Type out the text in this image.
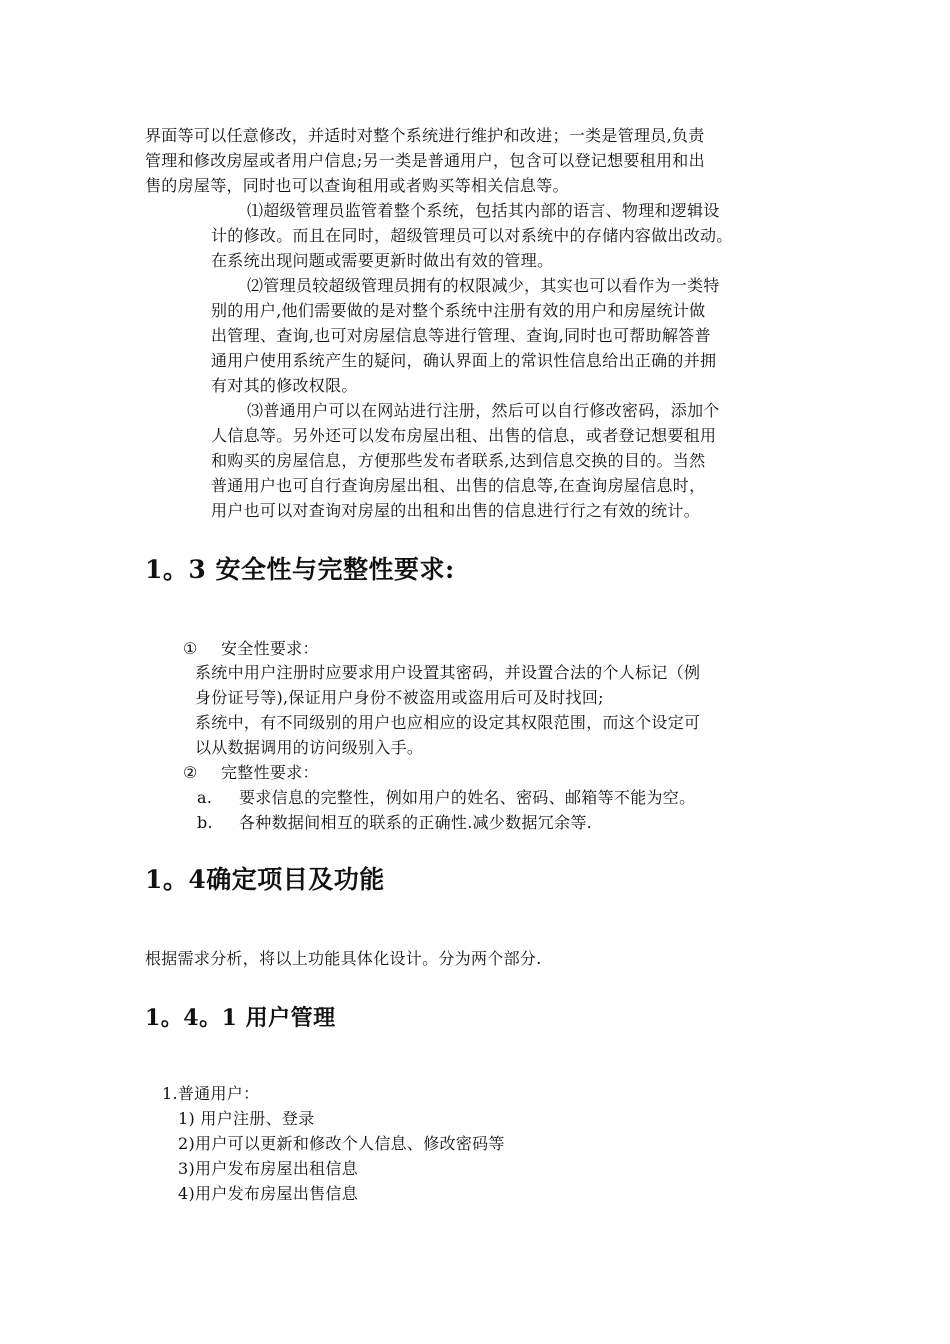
界面等可以任意修改，并适时对整个系统进行维护和改进；一类是管理员,负责
管理和修改房屋或者用户信息;另一类是普通用户，包含可以登记想要租用和出
售的房屋等，同时也可以查询租用或者购买等相关信息等。
⑴超级管理员监管着整个系统，包括其内部的语言、物理和逻辑设
计的修改。而且在同时，超级管理员可以对系统中的存储内容做出改动。
在系统出现问题或需要更新时做出有效的管理。
⑵管理员较超级管理员拥有的权限减少，其实也可以看作为一类特
别的用户,他们需要做的是对整个系统中注册有效的用户和房屋统计做
出管理、查询,也可对房屋信息等进行管理、查询,同时也可帮助解答普
通用户使用系统产生的疑问，确认界面上的常识性信息给出正确的并拥
有对其的修改权限。
⑶普通用户可以在网站进行注册，然后可以自行修改密码，添加个
人信息等。另外还可以发布房屋出租、出售的信息，或者登记想要租用
和购买的房屋信息，方便那些发布者联系,达到信息交换的目的。当然
普通用户也可自行查询房屋出租、出售的信息等,在查询房屋信息时，
用户也可以对查询对房屋的出租和出售的信息进行行之有效的统计。
1。3 安全性与完整性要求:
① 安全性要求：
系统中用户注册时应要求用户设置其密码，并设置合法的个人标记（例
身份证号等),保证用户身份不被盗用或盗用后可及时找回;
系统中，有不同级别的用户也应相应的设定其权限范围，而这个设定可
以从数据调用的访问级别入手。
② 完整性要求：
a. 要求信息的完整性，例如用户的姓名、密码、邮箱等不能为空。
b. 各种数据间相互的联系的正确性.减少数据冗余等.
1。4确定项目及功能
根据需求分析，将以上功能具体化设计。分为两个部分.
1。4。1 用户管理
1.普通用户：
1) 用户注册、登录
2)用户可以更新和修改个人信息、修改密码等
3)用户发布房屋出租信息
4)用户发布房屋出售信息
